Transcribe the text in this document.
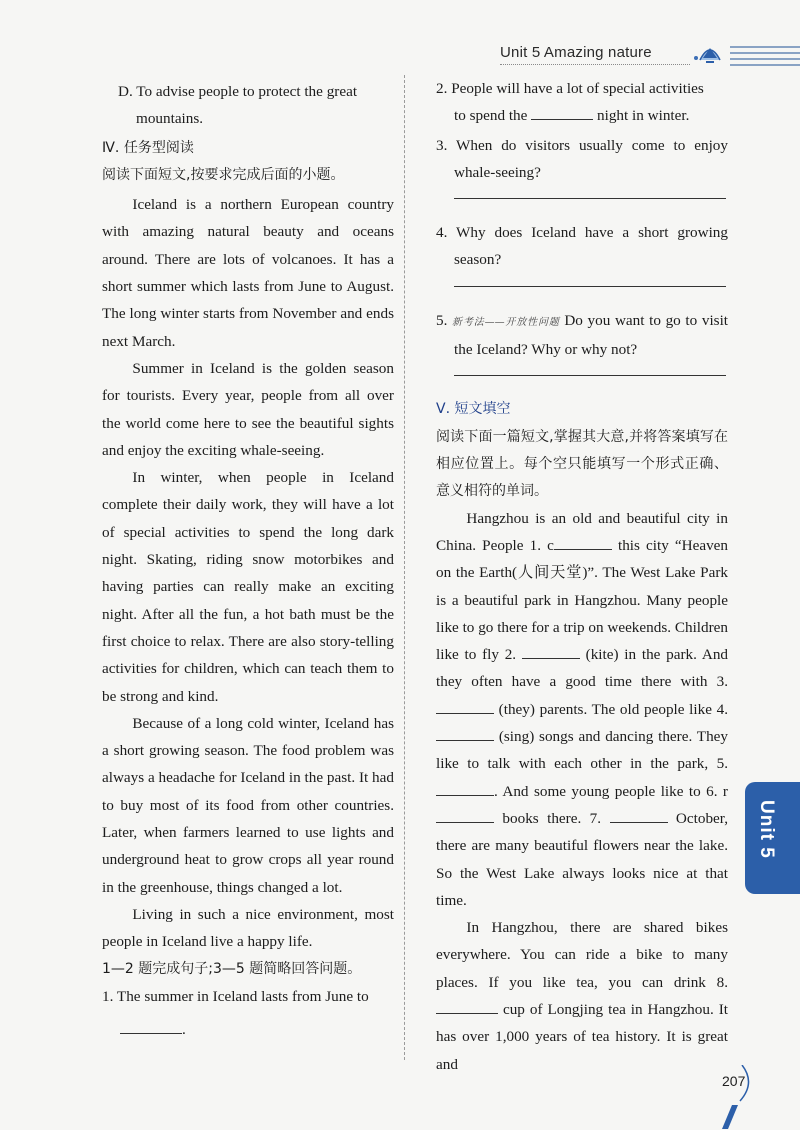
Unit 5 Amazing nature

D. To advise people to protect the great

mountains.

Ⅳ. 任务型阅读

阅读下面短文,按要求完成后面的小题。

Iceland is a northern European country with amazing natural beauty and oceans around. There are lots of volcanoes. It has a short summer which lasts from June to August. The long winter starts from November and ends next March.

Summer in Iceland is the golden season for tourists. Every year, people from all over the world come here to see the beautiful sights and enjoy the exciting whale-seeing.

In winter, when people in Iceland complete their daily work, they will have a lot of special activities to spend the long dark night. Skating, riding snow motorbikes and having parties can really make an exciting night. After all the fun, a hot bath must be the first choice to relax. There are also story-telling activities for children, which can teach them to be strong and kind.

Because of a long cold winter, Iceland has a short growing season. The food problem was always a headache for Iceland in the past. It had to buy most of its food from other countries. Later, when farmers learned to use lights and underground heat to grow crops all year round in the greenhouse, things changed a lot.

Living in such a nice environment, most people in Iceland live a happy life.

1—2 题完成句子;3—5 题简略回答问题。

1. The summer in Iceland lasts from June to

.

2. People will have a lot of special activities

to spend the	night in winter.

3. When do visitors usually come to enjoy whale-seeing?

4. Why does Iceland have a short growing season?

5. 新考法——开放性问题 Do you want to go to visit the Iceland? Why or why not?

Ⅴ. 短文填空

阅读下面一篇短文,掌握其大意,并将答案填写在相应位置上。每个空只能填写一个形式正确、意义相符的单词。

Hangzhou is an old and beautiful city in China. People 1. c	this city “Heaven on the Earth(人间天堂)”. The West Lake Park is a beautiful park in Hangzhou. Many people like to go there for a trip on weekends. Children like to fly 2.	(kite) in the park. And they often have a good time there with 3.  (they) parents. The old people like 4.  (sing) songs and dancing there. They like to talk with each other in the park, 5. . And some young people like to 6. r books there. 7.	October, there are many beautiful flowers near the lake. So the West Lake always looks nice at that time.

In Hangzhou, there are shared bikes everywhere. You can ride a bike to many places. If you like tea, you can drink 8.  cup of Longjing tea in Hangzhou. It has over 1,000 years of tea history. It is great and

Unit 5
207
